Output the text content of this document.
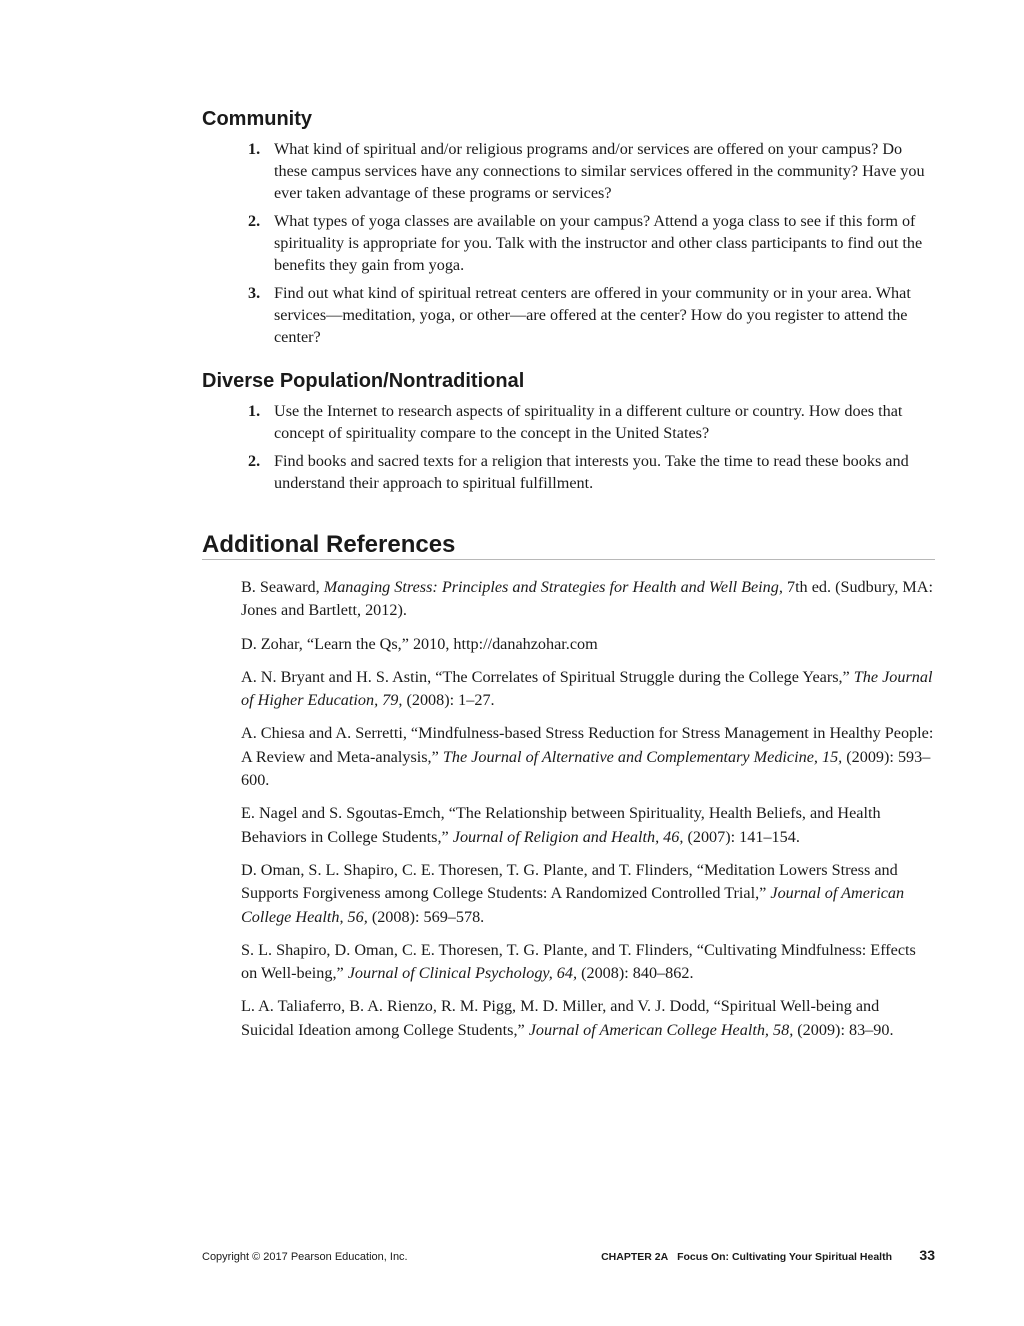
Community
1. What kind of spiritual and/or religious programs and/or services are offered on your campus? Do these campus services have any connections to similar services offered in the community? Have you ever taken advantage of these programs or services?
2. What types of yoga classes are available on your campus? Attend a yoga class to see if this form of spirituality is appropriate for you. Talk with the instructor and other class participants to find out the benefits they gain from yoga.
3. Find out what kind of spiritual retreat centers are offered in your community or in your area. What services—meditation, yoga, or other—are offered at the center? How do you register to attend the center?
Diverse Population/Nontraditional
1. Use the Internet to research aspects of spirituality in a different culture or country. How does that concept of spirituality compare to the concept in the United States?
2. Find books and sacred texts for a religion that interests you. Take the time to read these books and understand their approach to spiritual fulfillment.
Additional References

B. Seaward, Managing Stress: Principles and Strategies for Health and Well Being, 7th ed. (Sudbury, MA: Jones and Bartlett, 2012).

D. Zohar, “Learn the Qs,” 2010, http://danahzohar.com

A. N. Bryant and H. S. Astin, “The Correlates of Spiritual Struggle during the College Years,” The Journal of Higher Education, 79, (2008): 1–27.

A. Chiesa and A. Serretti, “Mindfulness-based Stress Reduction for Stress Management in Healthy People: A Review and Meta-analysis,” The Journal of Alternative and Complementary Medicine, 15, (2009): 593–600.

E. Nagel and S. Sgoutas-Emch, “The Relationship between Spirituality, Health Beliefs, and Health Behaviors in College Students,” Journal of Religion and Health, 46, (2007): 141–154.

D. Oman, S. L. Shapiro, C. E. Thoresen, T. G. Plante, and T. Flinders, “Meditation Lowers Stress and Supports Forgiveness among College Students: A Randomized Controlled Trial,” Journal of American College Health, 56, (2008): 569–578.

S. L. Shapiro, D. Oman, C. E. Thoresen, T. G. Plante, and T. Flinders, “Cultivating Mindfulness: Effects on Well-being,” Journal of Clinical Psychology, 64, (2008): 840–862.

L. A. Taliaferro, B. A. Rienzo, R. M. Pigg, M. D. Miller, and V. J. Dodd, “Spiritual Well-being and Suicidal Ideation among College Students,” Journal of American College Health, 58, (2009): 83–90.

Copyright © 2017 Pearson Education, Inc.	CHAPTER 2A Focus On: Cultivating Your Spiritual Health 33
